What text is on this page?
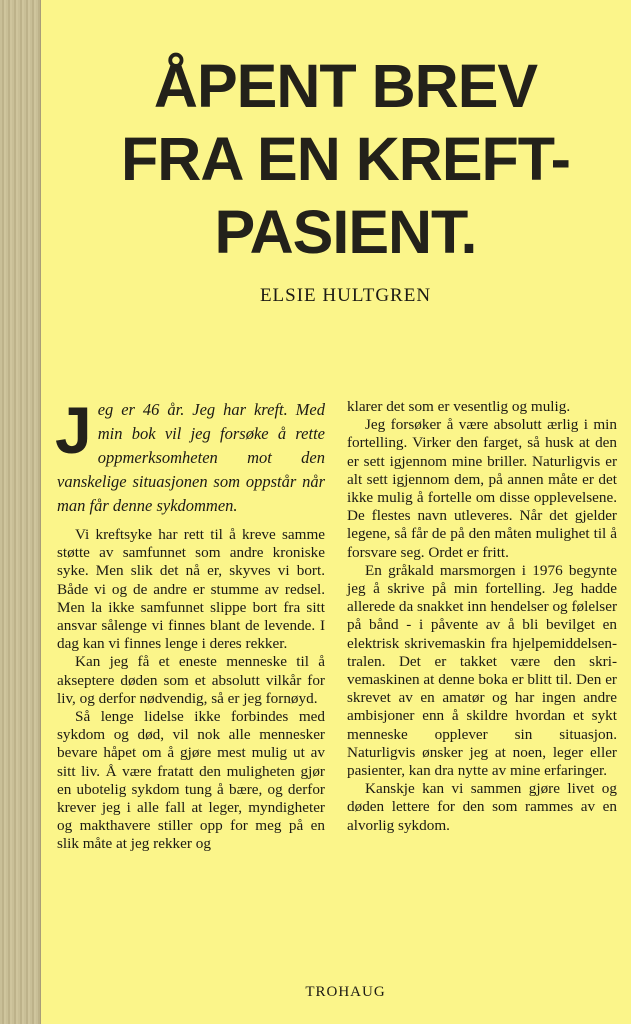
ÅPENT BREV
FRA EN KREFT-
PASIENT.
ELSIE HULTGREN

Jeg er 46 år. Jeg har kreft. Med min bok vil jeg forsøke å rette oppmerksomheten mot den vanskelige situasjonen som oppstår når man får denne sykdommen.

Vi kreftsyke har rett til å kreve samme støtte av samfunnet som andre kroniske syke. Men slik det nå er, skyves vi bort. Både vi og de andre er stumme av redsel. Men la ikke samfunnet slippe bort fra sitt ansvar sålenge vi finnes blant de levende. I dag kan vi finnes lenge i deres rekker.

Kan jeg få et eneste menneske til å akseptere døden som et absolutt vilkår for liv, og derfor nødvendig, så er jeg fornøyd.

Så lenge lidelse ikke forbindes med sykdom og død, vil nok alle mennesker bevare håpet om å gjøre mest mulig ut av sitt liv. Å være fratatt den muligheten gjør en ubotelig sykdom tung å bære, og derfor krever jeg i alle fall at leger, myndigheter og makthavere stiller opp for meg på en slik måte at jeg rekker og

klarer det som er vesentlig og mulig.

Jeg forsøker å være absolutt ærlig i min fortelling. Virker den farget, så husk at den er sett igjennom mine briller. Naturligvis er alt sett igjennom dem, på annen måte er det ikke mulig å fortelle om disse opplevelsene. De flestes navn utleveres. Når det gjelder legene, så får de på den måten mulighet til å forsvare seg. Ordet er fritt.

En gråkald marsmorgen i 1976 begynte jeg å skrive på min fortelling. Jeg hadde allerede da snakket inn hendelser og følelser på bånd - i påvente av å bli bevilget en elektrisk skrivemaskin fra hjelpemiddelsentralen. Det er takket være den skrivemaskinen at denne boka er blitt til. Den er skrevet av en amatør og har ingen andre ambisjoner enn å skildre hvordan et sykt menneske opplever sin situasjon. Naturligvis ønsker jeg at noen, leger eller pasienter, kan dra nytte av mine erfaringer.

Kanskje kan vi sammen gjøre livet og døden lettere for den som rammes av en alvorlig sykdom.

TROHAUG
